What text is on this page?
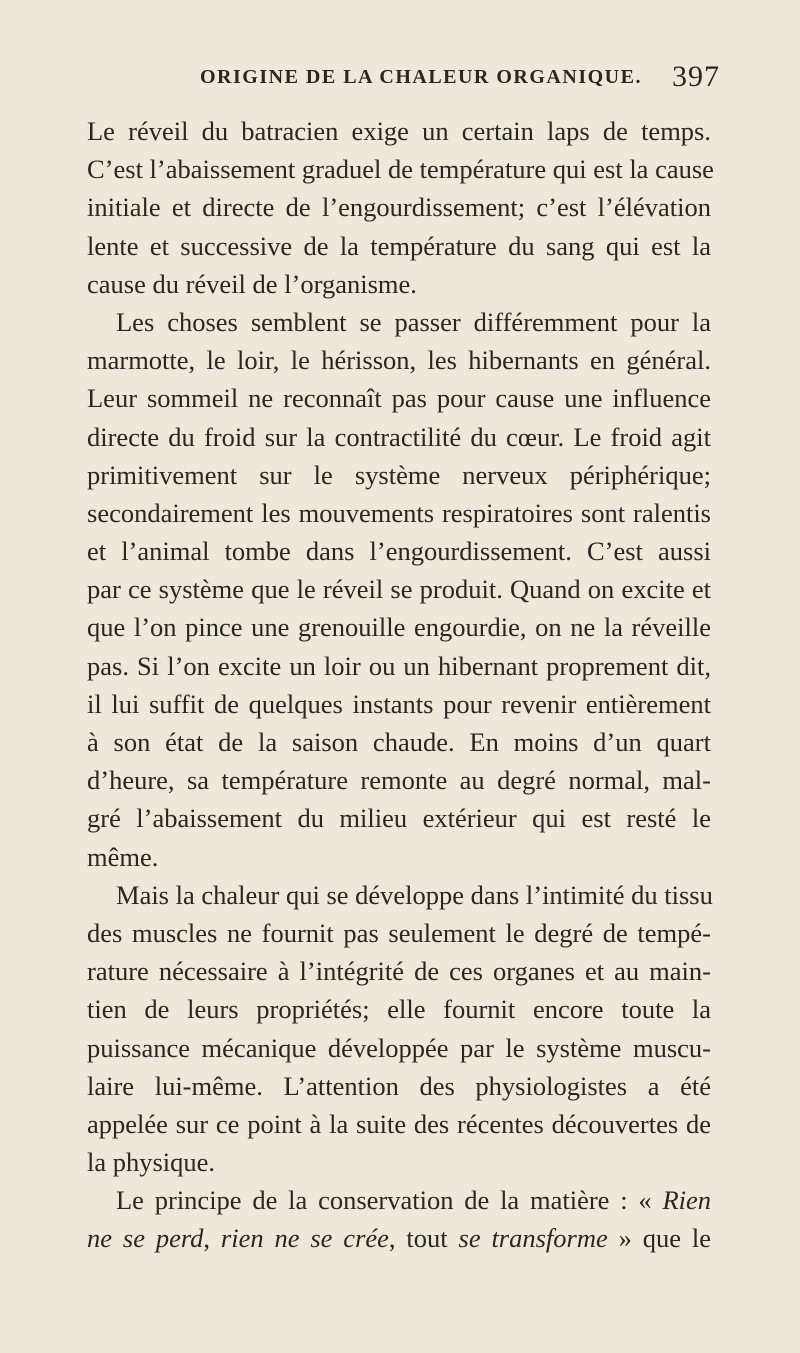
ORIGINE DE LA CHALEUR ORGANIQUE. 397
Le réveil du batracien exige un certain laps de temps.
C’est l’abaissement graduel de température qui est la cause
initiale et directe de l’engourdissement; c’est l’élévation
lente et successive de la température du sang qui est la
cause du réveil de l’organisme.
Les choses semblent se passer différemment pour la
marmotte, le loir, le hérisson, les hibernants en général.
Leur sommeil ne reconnaît pas pour cause une influence
directe du froid sur la contractilité du cœur. Le froid agit
primitivement sur le système nerveux périphérique;
secondairement les mouvements respiratoires sont ralentis
et l’animal tombe dans l’engourdissement. C’est aussi
par ce système que le réveil se produit. Quand on excite et
que l’on pince une grenouille engourdie, on ne la réveille
pas. Si l’on excite un loir ou un hibernant proprement dit,
il lui suffit de quelques instants pour revenir entièrement
à son état de la saison chaude. En moins d’un quart
d’heure, sa température remonte au degré normal, mal-
gré l’abaissement du milieu extérieur qui est resté le
même.
Mais la chaleur qui se développe dans l’intimité du tissu
des muscles ne fournit pas seulement le degré de tempé-
rature nécessaire à l’intégrité de ces organes et au main-
tien de leurs propriétés; elle fournit encore toute la
puissance mécanique développée par le système muscu-
laire lui-même. L’attention des physiologistes a été
appelée sur ce point à la suite des récentes découvertes de
la physique.
Le principe de la conservation de la matière : « Rien
ne se perd, rien ne se crée, tout se transforme » que le
